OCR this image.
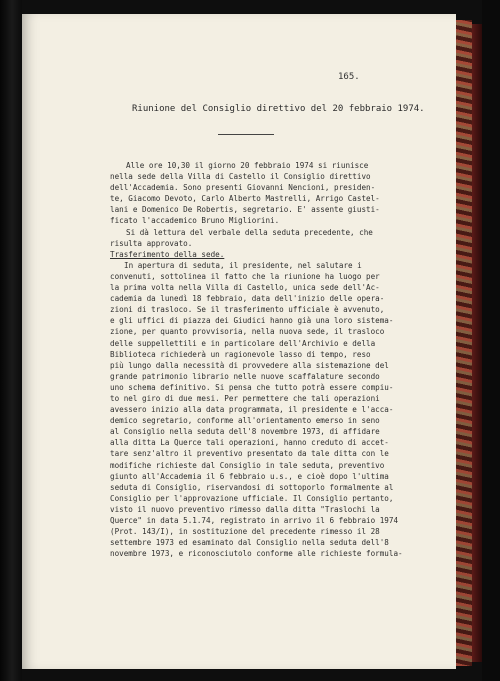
165.
Riunione del Consiglio direttivo del 20 febbraio 1974.
Alle ore 10,30 il giorno 20 febbraio 1974 si riunisce
nella sede della Villa di Castello il Consiglio direttivo
dell'Accademia. Sono presenti Giovanni Nencioni, presiden-
te, Giacomo Devoto, Carlo Alberto Mastrelli, Arrigo Castel-
lani e Domenico De Robertis, segretario. E' assente giusti-
ficato l'accademico Bruno Migliorini.
Si dà lettura del verbale della seduta precedente, che
risulta approvato.
Trasferimento della sede.
In apertura di seduta, il presidente, nel salutare i
convenuti, sottolinea il fatto che la riunione ha luogo per
la prima volta nella Villa di Castello, unica sede dell'Ac-
cademia da lunedì 18 febbraio, data dell'inizio delle opera-
zioni di trasloco. Se il trasferimento ufficiale è avvenuto,
e gli uffici di piazza dei Giudici hanno già una loro sistema-
zione, per quanto provvisoria, nella nuova sede, il trasloco
delle suppellettili e in particolare dell'Archivio e della
Biblioteca richiederà un ragionevole lasso di tempo, reso
più lungo dalla necessità di provvedere alla sistemazione del
grande patrimonio librario nelle nuove scaffalature secondo
uno schema definitivo. Si pensa che tutto potrà essere compiu-
to nel giro di due mesi. Per permettere che tali operazioni
avessero inizio alla data programmata, il presidente e l'acca-
demico segretario, conforme all'orientamento emerso in seno
al Consiglio nella seduta dell'8 novembre 1973, di affidare
alla ditta La Querce tali operazioni, hanno creduto di accet-
tare senz'altro il preventivo presentato da tale ditta con le
modifiche richieste dal Consiglio in tale seduta, preventivo
giunto all'Accademia il 6 febbraio u.s., e cioè dopo l'ultima
seduta di Consiglio, riservandosi di sottoporlo formalmente al
Consiglio per l'approvazione ufficiale. Il Consiglio pertanto,
visto il nuovo preventivo rimesso dalla ditta "Traslochi la
Querce" in data 5.1.74, registrato in arrivo il 6 febbraio 1974
(Prot. 143/I), in sostituzione del precedente rimesso il 28
settembre 1973 ed esaminato dal Consiglio nella seduta dell'8
novembre 1973, e riconosciutolo conforme alle richieste formula-
